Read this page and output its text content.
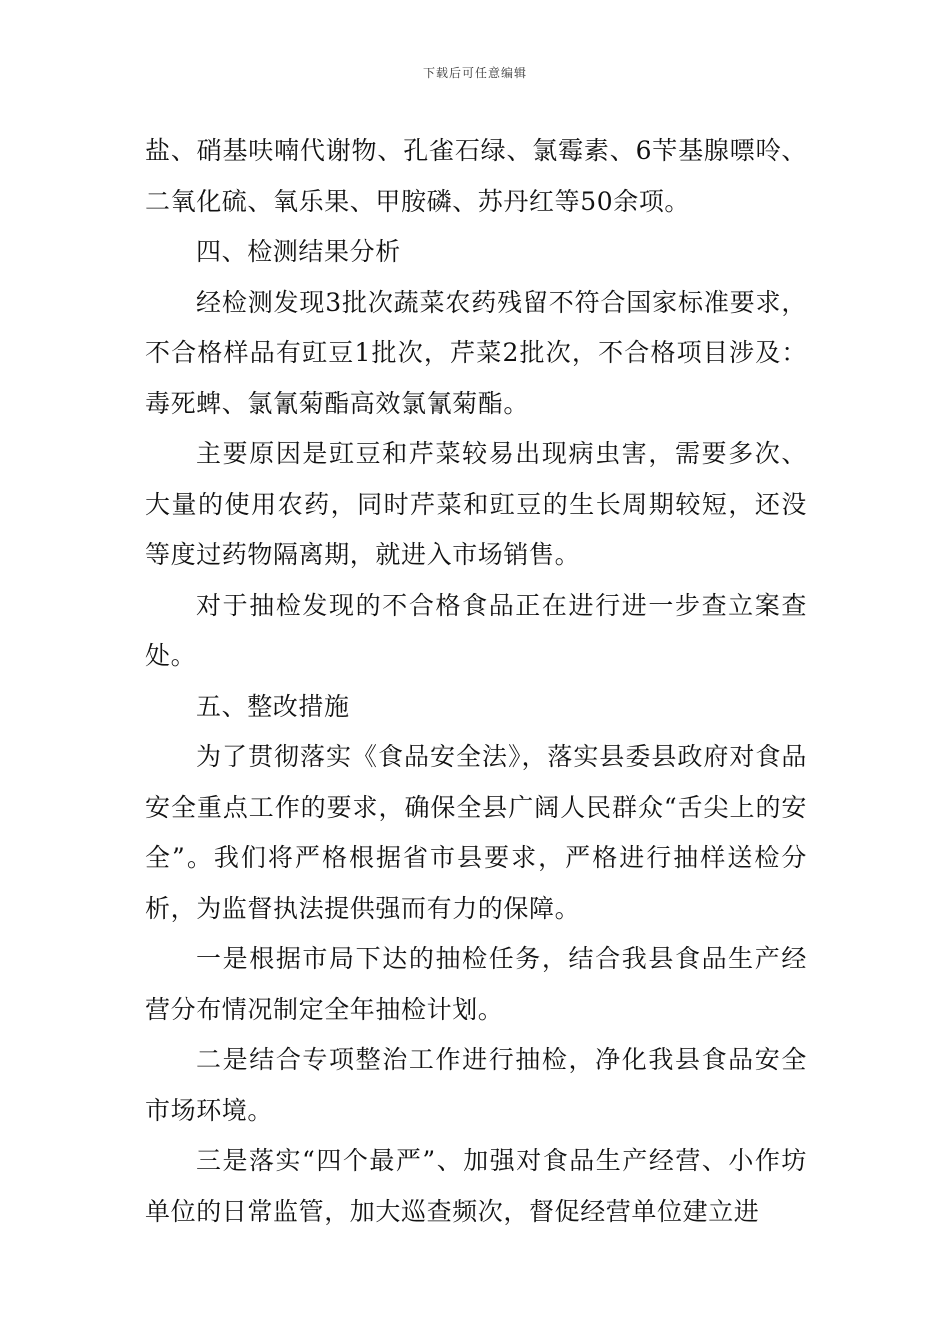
下载后可任意编辑

盐、硝基呋喃代谢物、孔雀石绿、氯霉素、6苄基腺嘌呤、二氧化硫、氧乐果、甲胺磷、苏丹红等50余项。

四、检测结果分析

经检测发现3批次蔬菜农药残留不符合国家标准要求，不合格样品有豇豆1批次，芹菜2批次，不合格项目涉及：毒死蜱、氯氰菊酯高效氯氰菊酯。

主要原因是豇豆和芹菜较易出现病虫害，需要多次、大量的使用农药，同时芹菜和豇豆的生长周期较短，还没等度过药物隔离期，就进入市场销售。

对于抽检发现的不合格食品正在进行进一步查立案查处。

五、整改措施

为了贯彻落实《食品安全法》，落实县委县政府对食品安全重点工作的要求，确保全县广阔人民群众“舌尖上的安全”。我们将严格根据省市县要求，严格进行抽样送检分析，为监督执法提供强而有力的保障。

一是根据市局下达的抽检任务，结合我县食品生产经营分布情况制定全年抽检计划。

二是结合专项整治工作进行抽检，净化我县食品安全市场环境。

三是落实“四个最严”、加强对食品生产经营、小作坊单位的日常监管，加大巡查频次，督促经营单位建立进
